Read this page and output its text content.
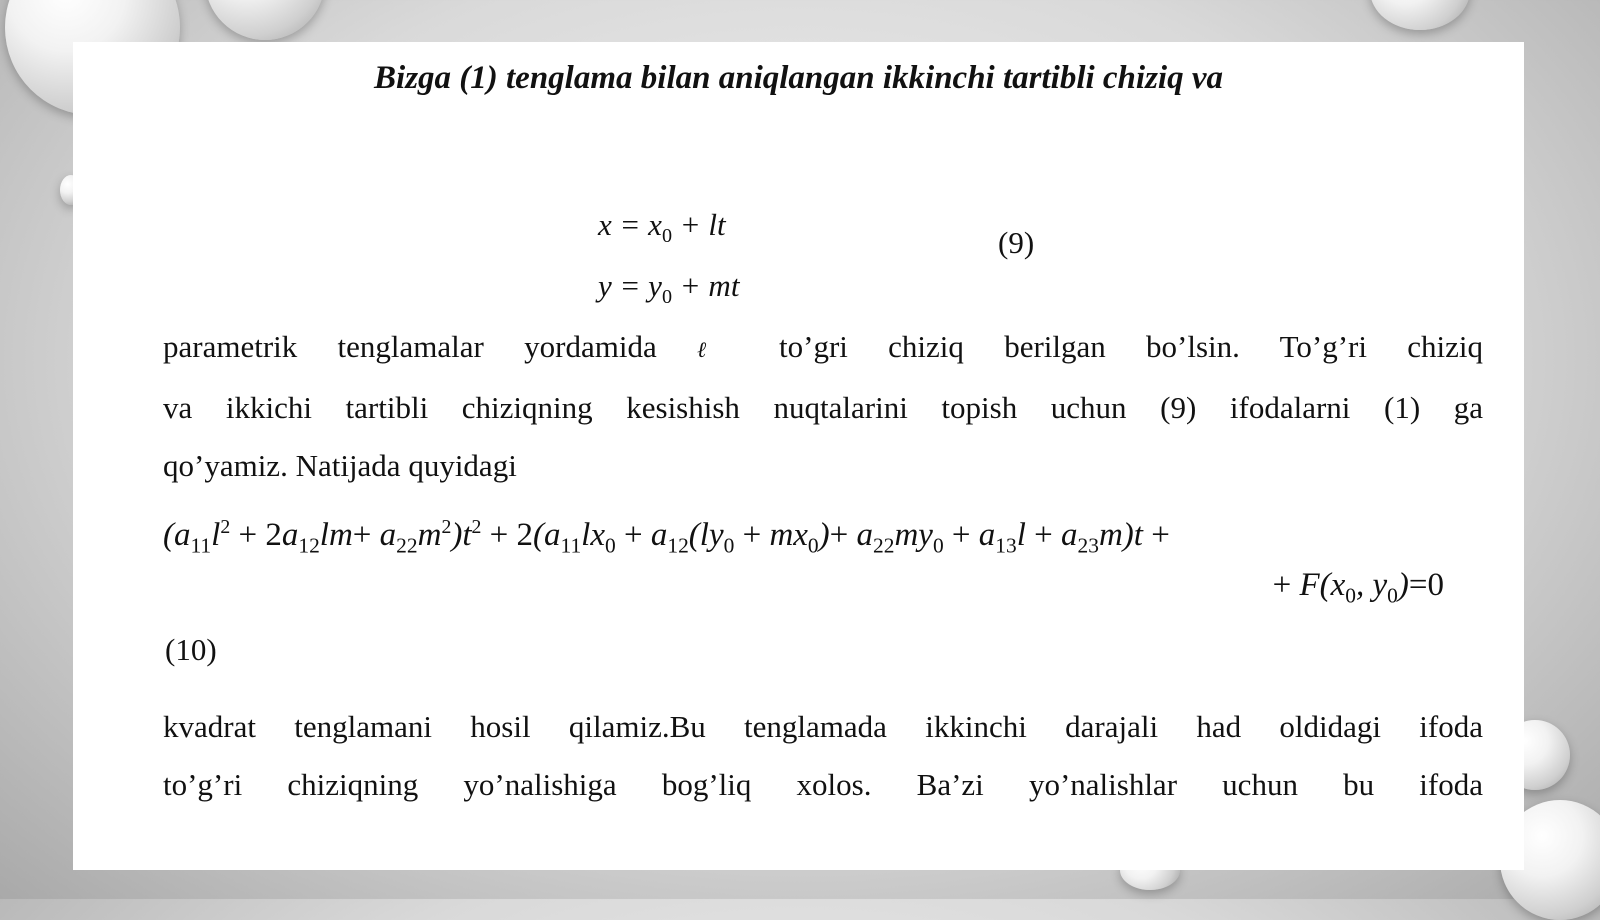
Bizga (1) tenglama bilan aniqlangan ikkinchi tartibli chiziq va
$x = x_0$ + lt
$y = y_0$ + mt
(9)
parametrik tenglamalar yordamida ℓ to’gri chiziq berilgan bo’lsin. To’g’ri chiziq
va ikkichi tartibli chiziqning kesishish nuqtalarini topish uchun (9) ifodalarni (1) ga
qo’yamiz. Natijada quyidagi
$(a_{11}l^2 + 2a_{12}lm+ a_{22}m^2)t^2 + 2(a_{11}lx_0 + a_{12}(ly_0 + mx_0)+ a_{22}my_0 + a_{13}l + a_{23}m)t$ +
+ $F(x_0$, $y_0)=0$
(10)
kvadrat tenglamani hosil qilamiz.Bu tenglamada ikkinchi darajali had oldidagi ifoda
to’g’ri chiziqning yo’nalishiga bog’liq xolos. Ba’zi yo’nalishlar uchun bu ifoda
